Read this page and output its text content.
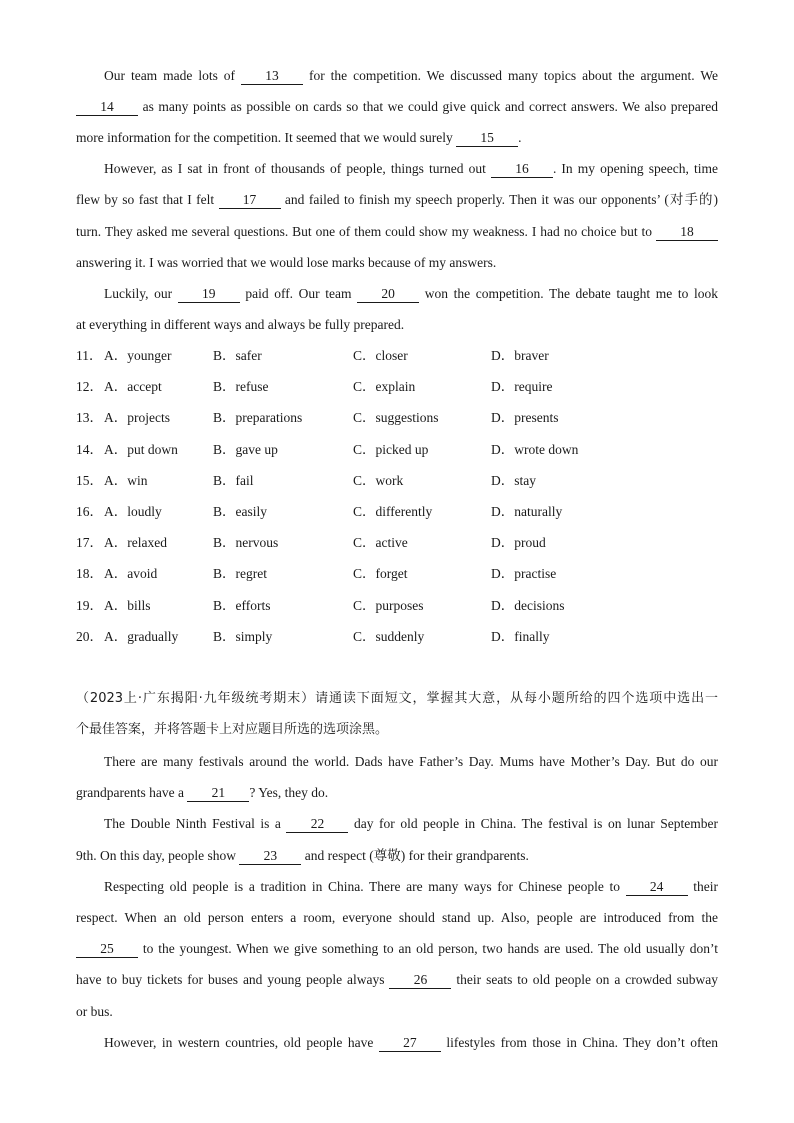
Our team made lots of 13 for the competition. We discussed many topics about the argument. We
14 as many points as possible on cards so that we could give quick and correct answers. We also prepared
more information for the competition. It seemed that we would surely 15 .
However, as I sat in front of thousands of people, things turned out 16 . In my opening speech, time
flew by so fast that I felt 17 and failed to finish my speech properly. Then it was our opponents’ (对手的)
turn. They asked me several questions. But one of them could show my weakness. I had no choice but to 18
answering it. I was worried that we would lose marks because of my answers.
Luckily, our 19 paid off. Our team 20 won the competition. The debate taught me to look
at everything in different ways and always be fully prepared.
11． A．younger	B．safer	C．closer	D．braver
12． A．accept	B．refuse	C．explain	D．require
13． A．projects	B．preparations	C．suggestions	D．presents
14． A．put down	B．gave up	C．picked up	D．wrote down
15． A．win	B．fail	C．work	D．stay
16． A．loudly	B．easily	C．differently	D．naturally
17． A．relaxed	B．nervous	C．active	D．proud
18． A．avoid	B．regret	C．forget	D．practise
19． A．bills	B．efforts	C．purposes	D．decisions
20． A．gradually	B．simply	C．suddenly	D．finally
（2023上·广东揭阳·九年级统考期末）请通读下面短文，掌握其大意，从每小题所给的四个选项中选出一
个最佳答案，并将答题卡上对应题目所选的选项涂黑。
There are many festivals around the world. Dads have Father’s Day. Mums have Mother’s Day. But do our
grandparents have a 21 ? Yes, they do.
The Double Ninth Festival is a 22 day for old people in China. The festival is on lunar September
9th. On this day, people show 23 and respect (尊敬) for their grandparents.
Respecting old people is a tradition in China. There are many ways for Chinese people to 24 their
respect. When an old person enters a room, everyone should stand up. Also, people are introduced from the
25 to the youngest. When we give something to an old person, two hands are used. The old usually don’t
have to buy tickets for buses and young people always 26 their seats to old people on a crowded subway
or bus.
However, in western countries, old people have 27 lifestyles from those in China. They don’t often
